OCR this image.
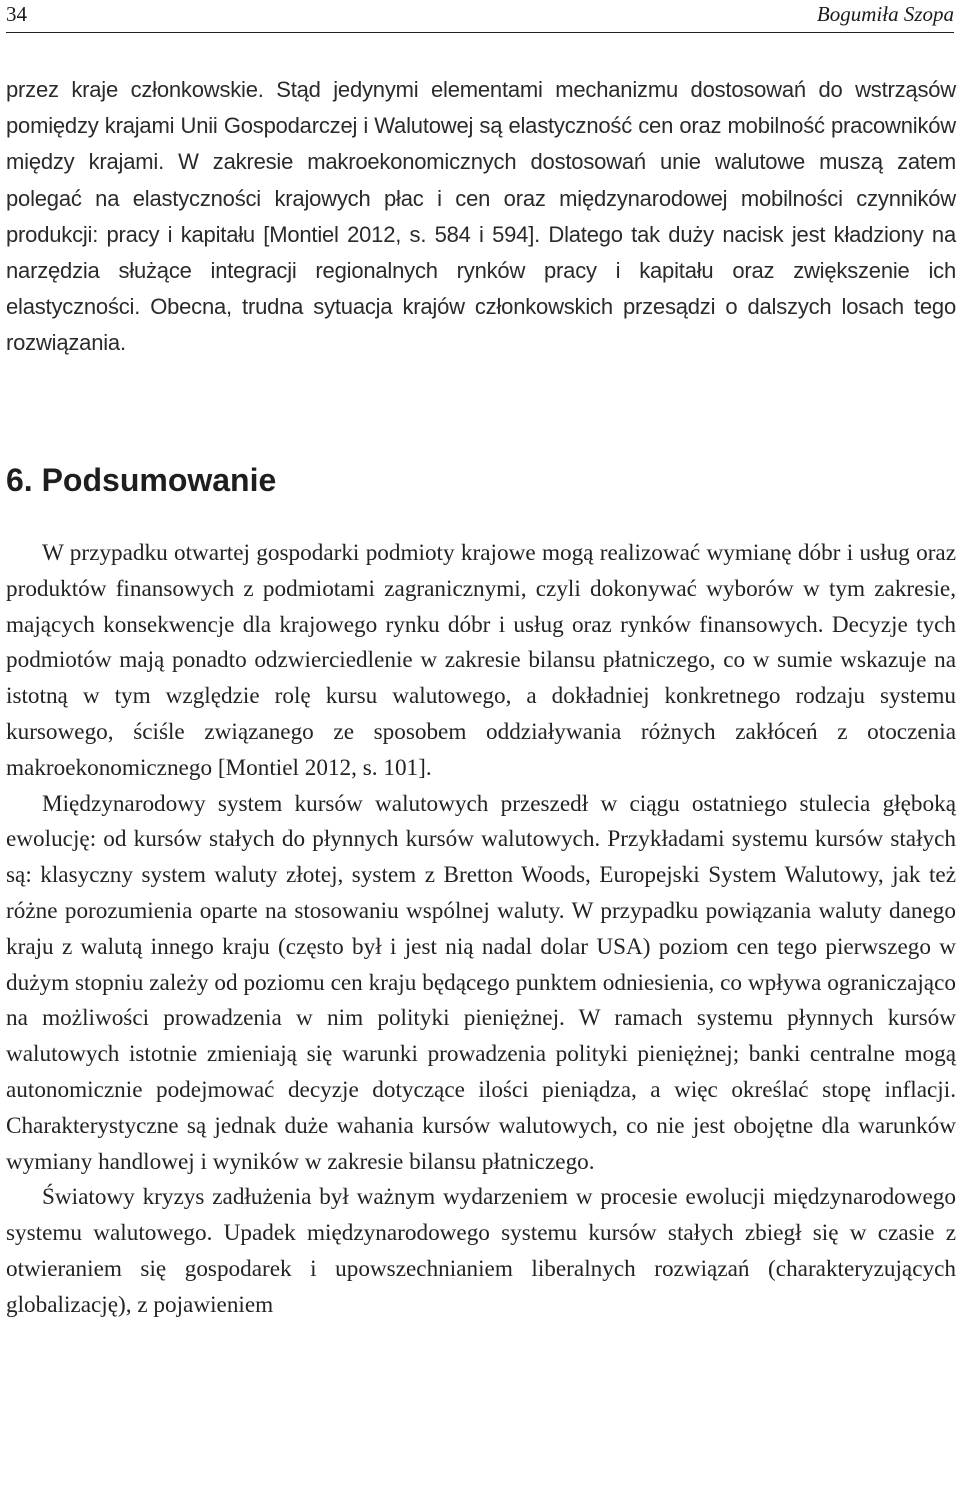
34	Bogumiła Szopa

przez kraje członkowskie. Stąd jedynymi elementami mechanizmu dostosowań do wstrząsów pomiędzy krajami Unii Gospodarczej i Walutowej są elastyczność cen oraz mobilność pracowników między krajami. W zakresie makroekonomicznych dostosowań unie walutowe muszą zatem polegać na elastyczności krajowych płac i cen oraz międzynarodowej mobilności czynników produkcji: pracy i kapitału [Montiel 2012, s. 584 i 594]. Dlatego tak duży nacisk jest kładziony na narzędzia służące integracji regionalnych rynków pracy i kapitału oraz zwiększenie ich elastyczności. Obecna, trudna sytuacja krajów członkowskich przesądzi o dalszych losach tego rozwiązania.

6. Podsumowanie

W przypadku otwartej gospodarki podmioty krajowe mogą realizować wymianę dóbr i usług oraz produktów finansowych z podmiotami zagranicznymi, czyli dokonywać wyborów w tym zakresie, mających konsekwencje dla krajowego rynku dóbr i usług oraz rynków finansowych. Decyzje tych podmiotów mają ponadto odzwierciedlenie w zakresie bilansu płatniczego, co w sumie wskazuje na istotną w tym względzie rolę kursu walutowego, a dokładniej konkretnego rodzaju systemu kursowego, ściśle związanego ze sposobem oddziaływania różnych zakłóceń z otoczenia makroekonomicznego [Montiel 2012, s. 101].

Międzynarodowy system kursów walutowych przeszedł w ciągu ostatniego stulecia głęboką ewolucję: od kursów stałych do płynnych kursów walutowych. Przykładami systemu kursów stałych są: klasyczny system waluty złotej, system z Bretton Woods, Europejski System Walutowy, jak też różne porozumienia oparte na stosowaniu wspólnej waluty. W przypadku powiązania waluty danego kraju z walutą innego kraju (często był i jest nią nadal dolar USA) poziom cen tego pierwszego w dużym stopniu zależy od poziomu cen kraju będącego punktem odniesienia, co wpływa ograniczająco na możliwości prowadzenia w nim polityki pieniężnej. W ramach systemu płynnych kursów walutowych istotnie zmieniają się warunki prowadzenia polityki pieniężnej; banki centralne mogą autonomicznie podejmować decyzje dotyczące ilości pieniądza, a więc określać stopę inflacji. Charakterystyczne są jednak duże wahania kursów walutowych, co nie jest obojętne dla warunków wymiany handlowej i wyników w zakresie bilansu płatniczego.

Światowy kryzys zadłużenia był ważnym wydarzeniem w procesie ewolucji międzynarodowego systemu walutowego. Upadek międzynarodowego systemu kursów stałych zbiegł się w czasie z otwieraniem się gospodarek i upowszechnianiem liberalnych rozwiązań (charakteryzujących globalizację), z pojawieniem
